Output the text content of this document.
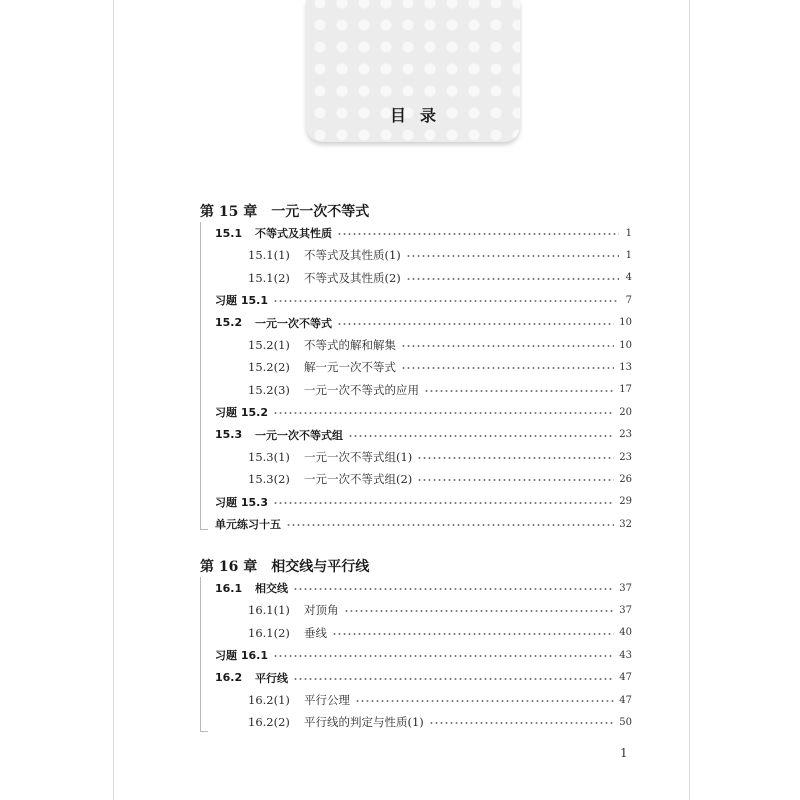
目录
第 15 章 一元一次不等式
15.1	不等式及其性质	1
15.1(1)	不等式及其性质(1)	1
15.1(2)	不等式及其性质(2)	4
习题 15.1	7
15.2	一元一次不等式	10
15.2(1)	不等式的解和解集	10
15.2(2)	解一元一次不等式	13
15.2(3)	一元一次不等式的应用	17
习题 15.2	20
15.3	一元一次不等式组	23
15.3(1)	一元一次不等式组(1)	23
15.3(2)	一元一次不等式组(2)	26
习题 15.3	29
单元练习十五	32
第 16 章 相交线与平行线
16.1	相交线	37
16.1(1)	对顶角	37
16.1(2)	垂线	40
习题 16.1	43
16.2	平行线	47
16.2(1)	平行公理	47
16.2(2)	平行线的判定与性质(1)	50
1
